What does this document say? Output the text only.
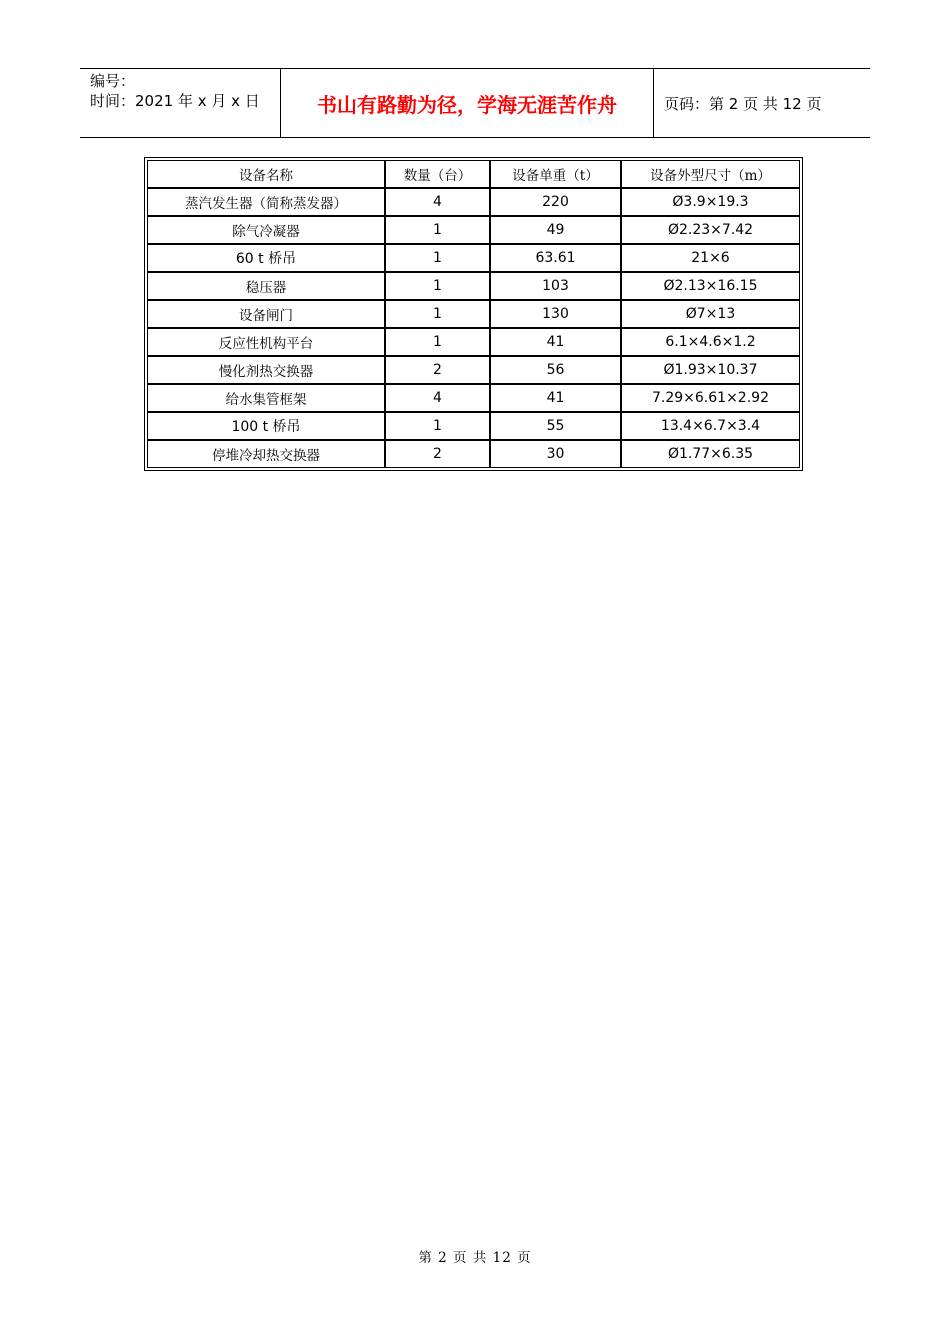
编号：
时间：2021 年 x 月 x 日	书山有路勤为径，学海无涯苦作舟	页码：第 2 页 共 12 页
设备名称	数量（台）	设备单重（t）	设备外型尺寸（m）
蒸汽发生器（简称蒸发器）	4	220	Ø3.9×19.3
除气冷凝器	1	49	Ø2.23×7.42
60 t 桥吊	1	63.61	21×6
稳压器	1	103	Ø2.13×16.15
设备闸门	1	130	Ø7×13
反应性机构平台	1	41	6.1×4.6×1.2
慢化剂热交换器	2	56	Ø1.93×10.37
给水集管框架	4	41	7.29×6.61×2.92
100 t 桥吊	1	55	13.4×6.7×3.4
停堆冷却热交换器	2	30	Ø1.77×6.35
第 2 页 共 12 页
